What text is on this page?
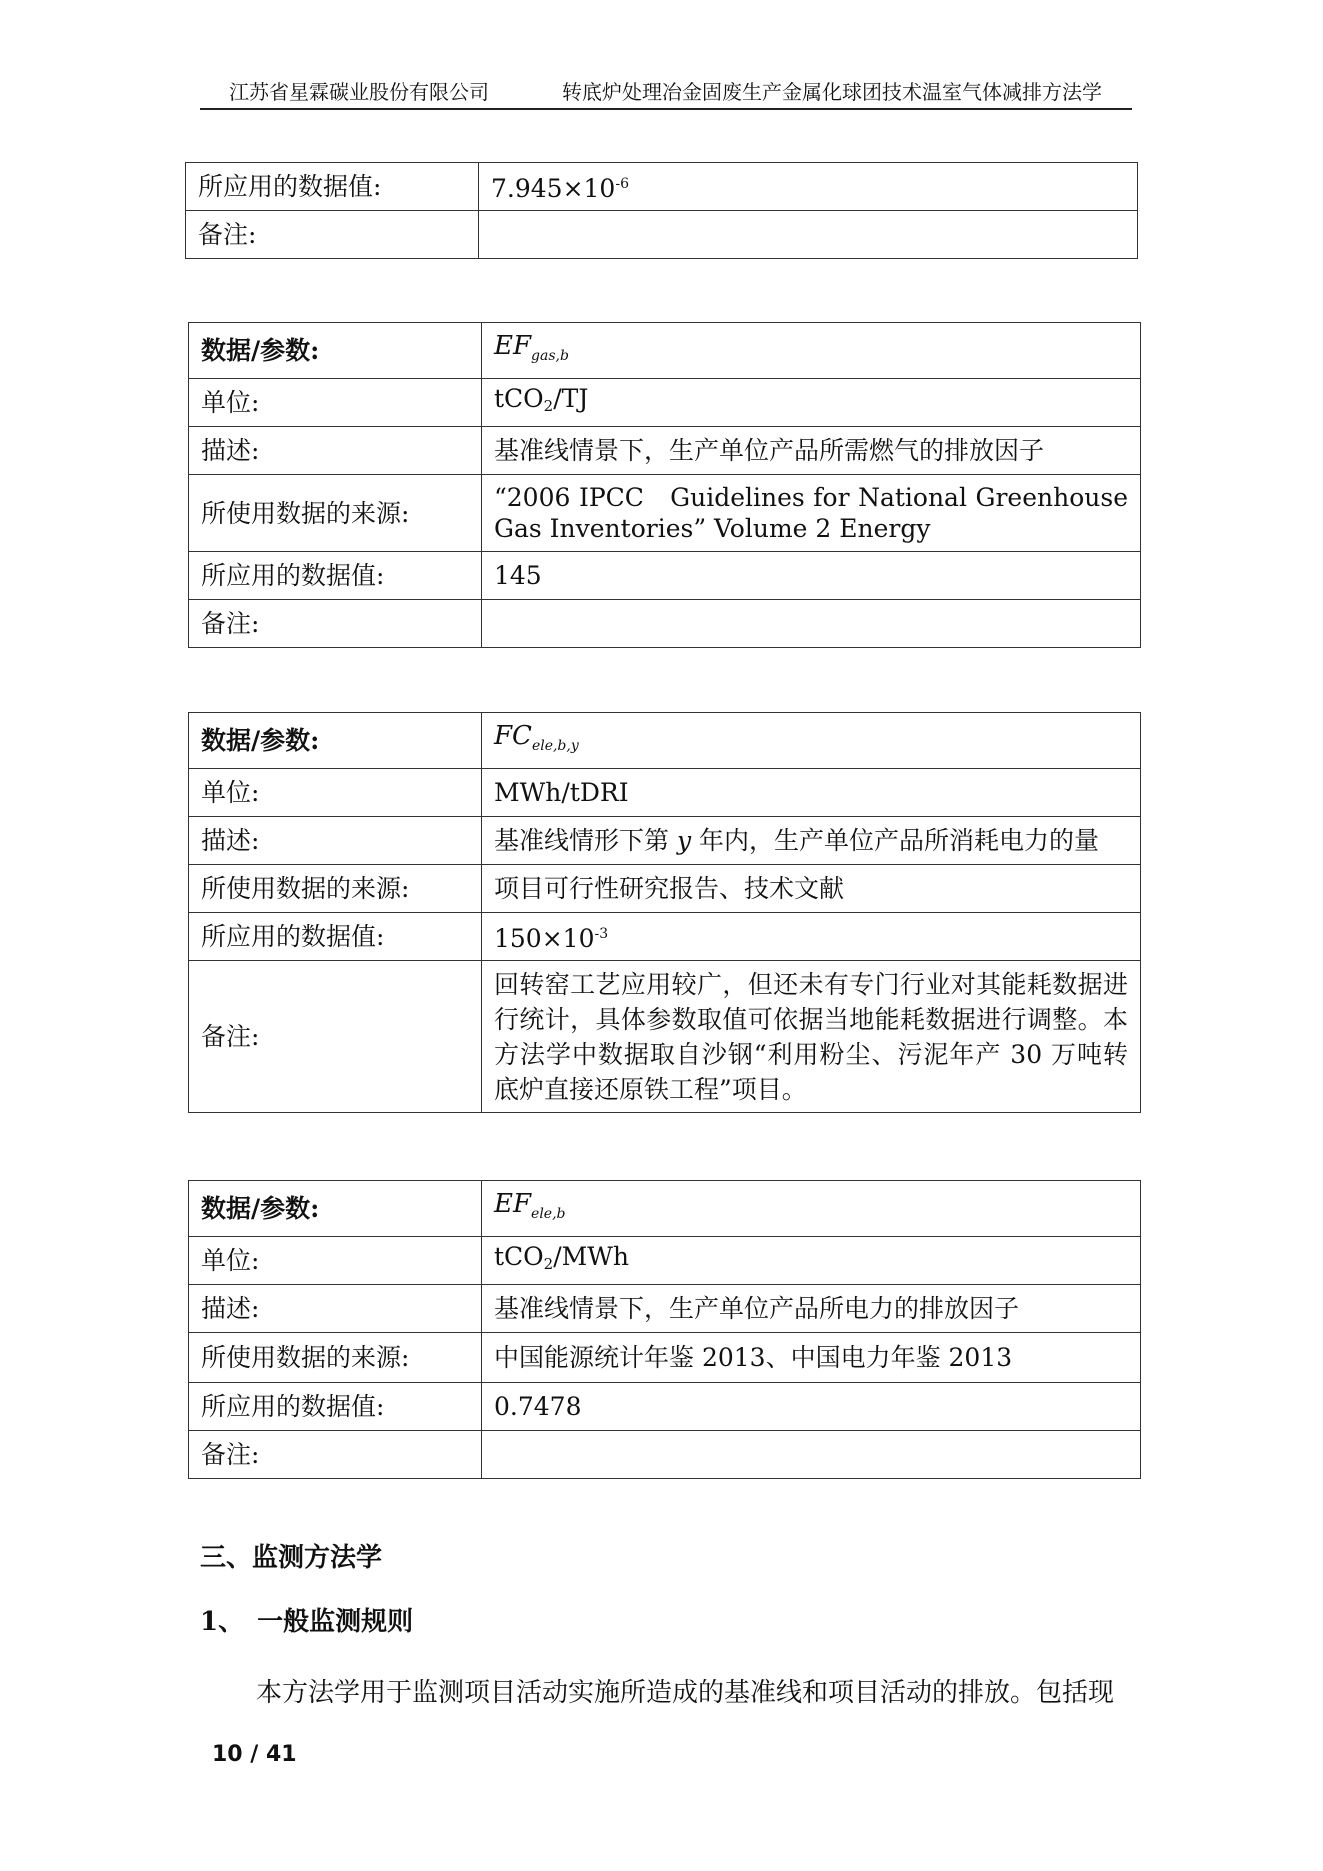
江苏省星霖碳业股份有限公司	转底炉处理冶金固废生产金属化球团技术温室气体减排方法学
所应用的数据值:	$7.945\times 10^{-6}$
备注:	
数据/参数:	$EF_{gas,b}$
单位:	tCO2/TJ
描述:	基准线情景下，生产单位产品所需燃气的排放因子
所使用数据的来源:	“2006 IPCC　Guidelines for National Greenhouse Gas Inventories” Volume 2 Energy
所应用的数据值:	145
备注:	
数据/参数:	$FC_{ele,b,y}$
单位:	MWh/tDRI
描述:	基准线情形下第 y 年内，生产单位产品所消耗电力的量
所使用数据的来源:	项目可行性研究报告、技术文献
所应用的数据值:	$150\times 10^{-3}$
备注:	回转窑工艺应用较广，但还未有专门行业对其能耗数据进行统计，具体参数取值可依据当地能耗数据进行调整。本方法学中数据取自沙钢“利用粉尘、污泥年产 30 万吨转底炉直接还原铁工程”项目。
数据/参数:	$EF_{ele,b}$
单位:	tCO2/MWh
描述:	基准线情景下，生产单位产品所电力的排放因子
所使用数据的来源:	中国能源统计年鉴 2013、中国电力年鉴 2013
所应用的数据值:	0.7478
备注:	
三、监测方法学
1、　一般监测规则
本方法学用于监测项目活动实施所造成的基准线和项目活动的排放。包括现
10 / 41
